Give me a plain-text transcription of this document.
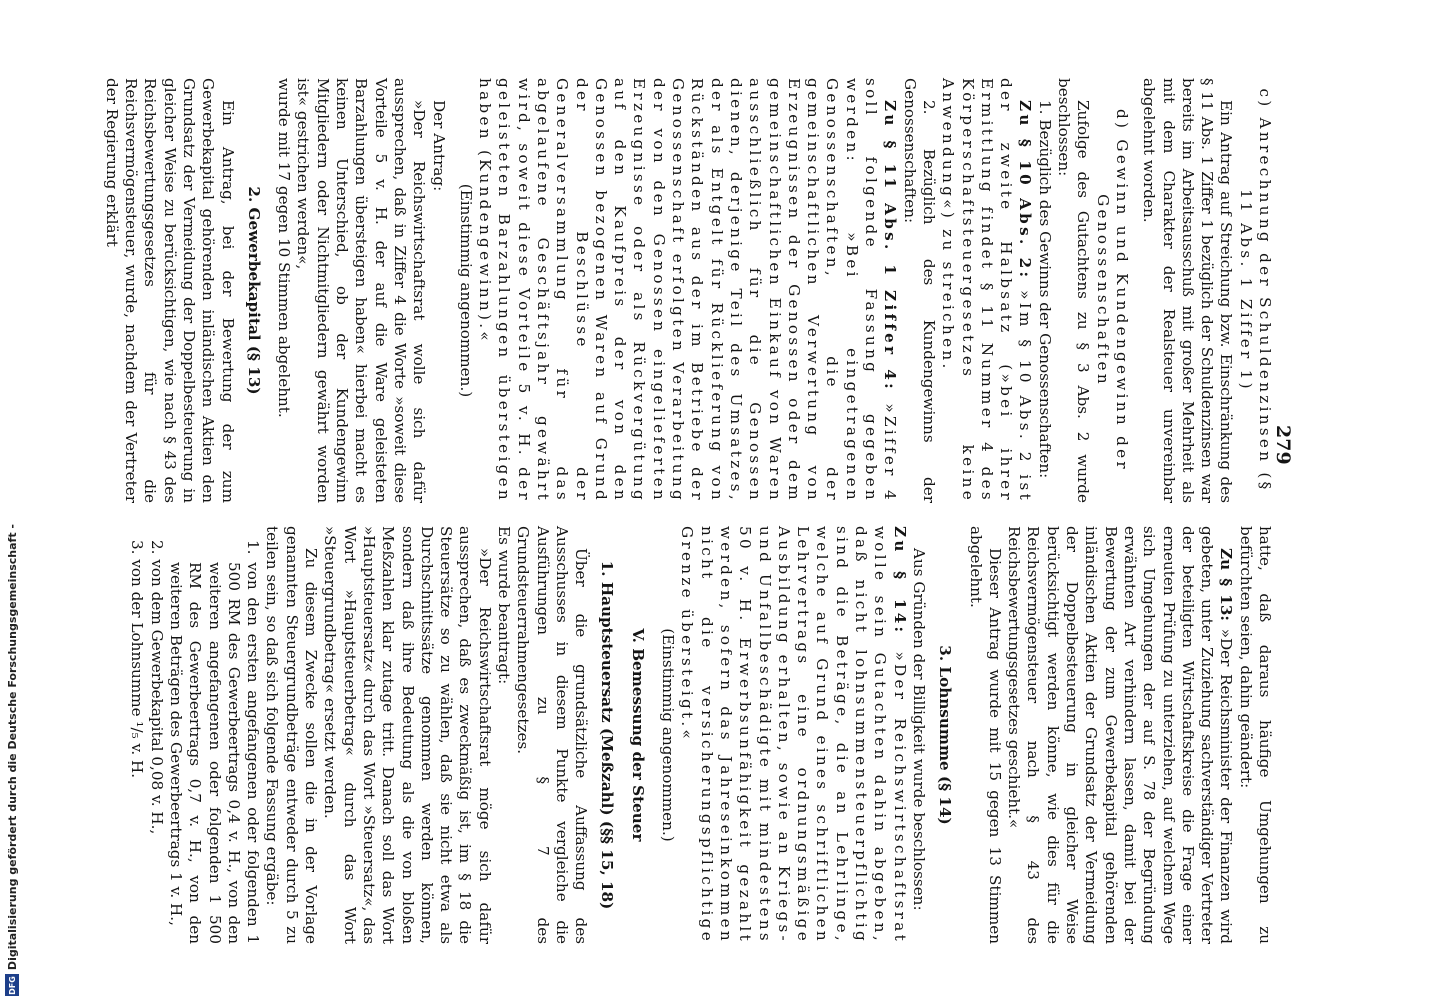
279

c) Anrechnung der Schuldenzinsen (§ 11 Abs. 1 Ziffer 1)

Ein Antrag auf Streichung bzw. Einschränkung des § 11 Abs. 1 Ziffer 1 bezüglich der Schuldenzinsen war bereits im Arbeitsausschuß mit großer Mehrheit als mit dem Charakter der Realsteuer unvereinbar abgelehnt worden.

d) Gewinn und Kundengewinn der Genossenschaften

Zufolge des Gutachtens zu § 3 Abs. 2 wurde beschlossen:

1. Bezüglich des Gewinns der Genossenschaften:

Zu § 10 Abs. 2: »Im § 10 Abs. 2 ist der zweite Halbsatz (»bei ihrer Ermittlung findet § 11 Nummer 4 des Körperschaftsteuergesetzes keine Anwendung«) zu streichen.

2. Bezüglich des Kundengewinns der Genossenschaften:

Zu § 11 Abs. 1 Ziffer 4: »Ziffer 4 soll folgende Fassung gegeben werden: »Bei eingetragenen Genossenschaften, die der gemeinschaftlichen Verwertung von Erzeugnissen der Genossen oder dem gemeinschaftlichen Einkauf von Waren ausschließlich für die Genossen dienen, derjenige Teil des Umsatzes, der als Entgelt für Rücklieferung von Rückständen aus der im Betriebe der Genossenschaft erfolgten Verarbeitung der von den Genossen eingelieferten Erzeugnisse oder als Rückvergütung auf den Kaufpreis der von den Genossen bezogenen Waren auf Grund der Beschlüsse der Generalversammlung für das abgelaufene Geschäftsjahr gewährt wird, soweit diese Vorteile 5 v. H. der geleisteten Barzahlungen übersteigen haben (Kundengewinn).«

(Einstimmig angenommen.)

Der Antrag:

»Der Reichswirtschaftsrat wolle sich dafür aussprechen, daß in Ziffer 4 die Worte »soweit diese Vorteile 5 v. H. der auf die Ware geleisteten Barzahlungen übersteigen haben« hierbei macht es keinen Unterschied, ob der Kundengewinn Mitgliedern oder Nichtmitgliedern gewährt worden ist« gestrichen werden«,

wurde mit 17 gegen 10 Stimmen abgelehnt.

2. Gewerbekapital (§ 13)

Ein Antrag, bei der Bewertung der zum Gewerbekapital gehörenden inländischen Aktien den Grundsatz der Vermeidung der Doppelbesteuerung in gleicher Weise zu berücksichtigen, wie nach § 43 des Reichsbewertungsgesetzes für die Reichsvermögensteuer, wurde, nachdem der Vertreter der Regierung erklärt

hatte, daß daraus häufige Umgehungen zu befürchten seien, dahin geändert:

Zu § 13: »Der Reichsminister der Finanzen wird gebeten, unter Zuziehung sachverständiger Vertreter der beteiligten Wirtschaftskreise die Frage einer erneuten Prüfung zu unterziehen, auf welchem Wege sich Umgehungen der auf S. 78 der Begründung erwähnten Art verhindern lassen, damit bei der Bewertung der zum Gewerbekapital gehörenden inländischen Aktien der Grundsatz der Vermeidung der Doppelbesteuerung in gleicher Weise berücksichtigt werden könne, wie dies für die Reichsvermögensteuer nach § 43 des Reichsbewertungsgesetzes geschieht.«

Dieser Antrag wurde mit 15 gegen 13 Stimmen abgelehnt.

3. Lohnsumme (§ 14)

Aus Gründen der Billigkeit wurde beschlossen:

Zu § 14: »Der Reichswirtschaftsrat wolle sein Gutachten dahin abgeben, daß nicht lohnsummensteuerpflichtig sind die Beträge, die an Lehrlinge, welche auf Grund eines schriftlichen Lehrvertrags eine ordnungsmäßige Ausbildung erhalten, sowie an Kriegs- und Unfallbeschädigte mit mindestens 50 v. H. Erwerbsunfähigkeit gezahlt werden, sofern das Jahreseinkommen nicht die versicherungspflichtige Grenze übersteigt.«

(Einstimmig angenommen.)

V. Bemessung der Steuer

1. Hauptsteuersatz (Meßzahl) (§§ 15, 18)

Über die grundsätzliche Auffassung des Ausschusses in diesem Punkte vergleiche die Ausführungen zu § 7 des Grundsteuerrahmengesetzes.

Es wurde beantragt:

»Der Reichswirtschaftsrat möge sich dafür aussprechen, daß es zweckmäßig ist, im § 18 die Steuersätze so zu wählen, daß sie nicht etwa als Durchschnittssätze genommen werden können, sondern daß ihre Bedeutung als die von bloßen Meßzahlen klar zutage tritt. Danach soll das Wort »Hauptsteuersatz« durch das Wort »Steuersatz«, das Wort »Hauptsteuerbetrag« durch das Wort »Steuergrundbetrag« ersetzt werden.

Zu diesem Zwecke sollen die in der Vorlage genannten Steuergrundbeträge entweder durch 5 zu teilen sein, so daß sich folgende Fassung ergäbe:

1. von den ersten angefangenen oder folgenden 1 500 RM des Gewerbeertrags 0,4 v. H., von den weiteren angefangenen oder folgenden 1 500 RM des Gewerbeertrags 0,7 v. H., von den weiteren Beträgen des Gewerbeertrags 1 v. H.,

2. von dem Gewerbekapital 0,08 v. H.,

3. von der Lohnsumme ¹/₅ v. H.

Digitalisierung gefördert durch die Deutsche Forschungsgemeinschaft -
DFG
